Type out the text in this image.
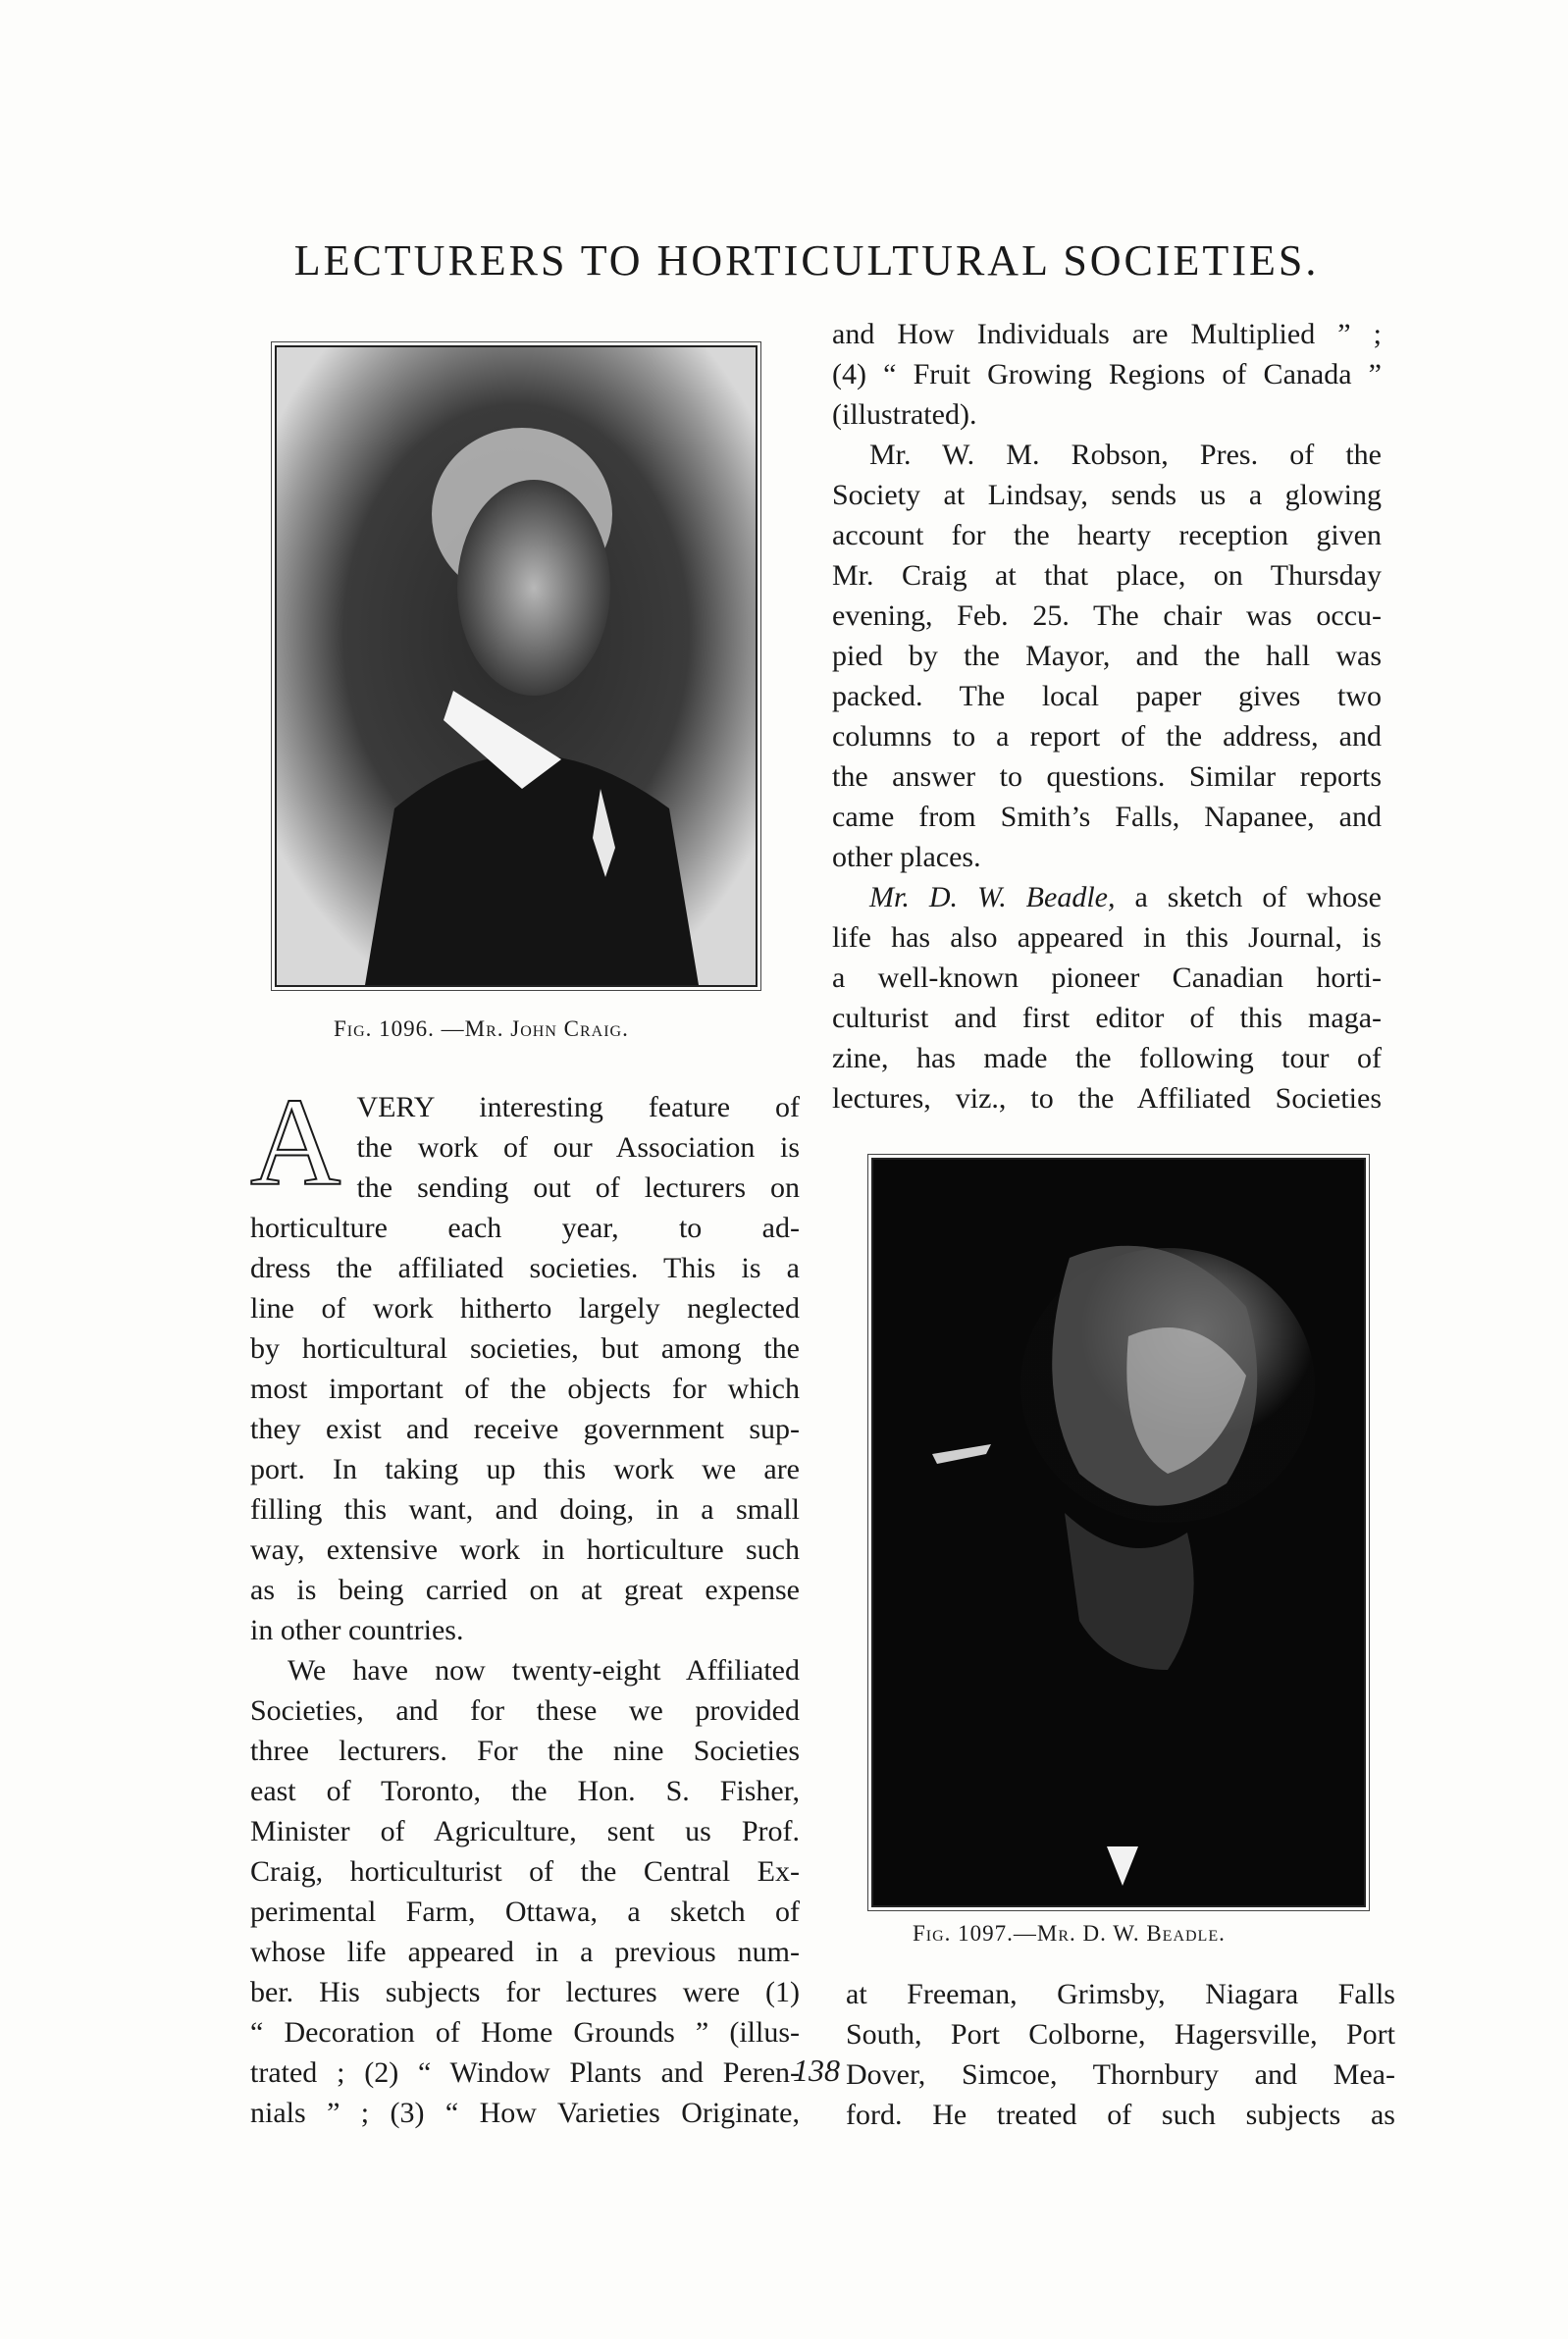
LECTURERS TO HORTICULTURAL SOCIETIES.
Fig. 1096. —Mr. John Craig.
Fig. 1097.—Mr. D. W. Beadle.
A VERY interesting feature of
the work of our Association is
the sending out of lecturers on
horticulture each year, to ad-
dress the affiliated societies. This is a
line of work hitherto largely neglected
by horticultural societies, but among the
most important of the objects for which
they exist and receive government sup-
port. In taking up this work we are
filling this want, and doing, in a small
way, extensive work in horticulture such
as is being carried on at great expense
in other countries.
We have now twenty-eight Affiliated
Societies, and for these we provided
three lecturers. For the nine Societies
east of Toronto, the Hon. S. Fisher,
Minister of Agriculture, sent us Prof.
Craig, horticulturist of the Central Ex-
perimental Farm, Ottawa, a sketch of
whose life appeared in a previous num-
ber. His subjects for lectures were (1)
“ Decoration of Home Grounds ” (illus-
trated ; (2) “ Window Plants and Peren-
nials ” ; (3) “ How Varieties Originate,
and How Individuals are Multiplied ” ;
(4) “ Fruit Growing Regions of Canada ”
(illustrated).
Mr. W. M. Robson, Pres. of the
Society at Lindsay, sends us a glowing
account for the hearty reception given
Mr. Craig at that place, on Thursday
evening, Feb. 25. The chair was occu-
pied by the Mayor, and the hall was
packed. The local paper gives two
columns to a report of the address, and
the answer to questions. Similar reports
came from Smith’s Falls, Napanee, and
other places.
Mr. D. W. Beadle, a sketch of whose
life has also appeared in this Journal, is
a well-known pioneer Canadian horti-
culturist and first editor of this maga-
zine, has made the following tour of
lectures, viz., to the Affiliated Societies
at Freeman, Grimsby, Niagara Falls
South, Port Colborne, Hagersville, Port
Dover, Simcoe, Thornbury and Mea-
ford. He treated of such subjects as
138
